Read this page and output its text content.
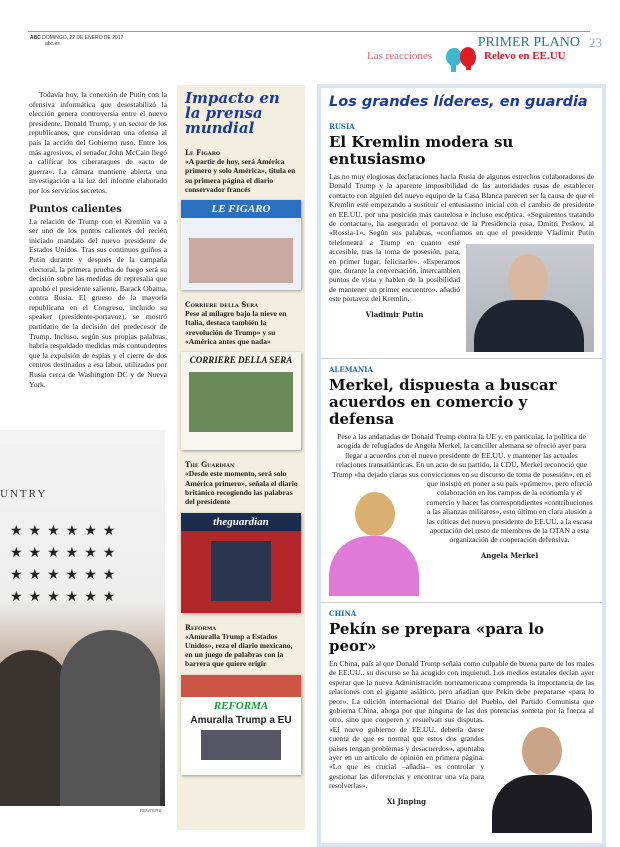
ABC DOMINGO, 22 DE ENERO DE 2017
abc.es	PRIMER PLANO 23
Las reacciones	Relevo en EE.UU

Todavía hoy, la conexión de Putin con la ofensiva informática que desestabilizó la elección genera controversia entre el nuevo presidente, Donald Trump, y un sector de los republicanos, que consideran una ofensa al país la acción del Gobierno ruso. Entre los más agresivos, el senador John McCain llegó a calificar los ciberataques de «acto de guerra». La cámara mantiene abierta una investigación a la luz del informe elaborado por los servicios secretos.

Puntos calientes

La relación de Trump con el Kremlin va a ser uno de los puntos calientes del recién iniciado mandato del nuevo presidente de Estados Unidos. Tras sus continuos guiños a Putin durante y después de la campaña electoral, la primera prueba de fuego será su decisión sobre las medidas de represalia que aprobó el presidente saliente, Barack Obama, contra Rusia. El grueso de la mayoría republicana en el Congreso, incluido su speaker (presidente-portavoz), se mostró partidario de la decisión del predecesor de Trump. Incluso, según sus propias palabras, habría respaldado medidas más contundentes que la expulsión de espías y el cierre de dos centros destinados a esa labor, utilizados por Rusia cerca de Washington DC y de Nueva York.

UNTRY
★★★★★★
★★★★★★
★★★★★★
★★★★★★
REUTERS
Impacto en la prensa mundial
Le Figaro
«A partir de hoy, será América primero y solo América», titula en su primera página el diario conservador francés
LE FIGARO
Corriere della Sera
Pese al milagro bajo la nieve en Italia, destaca también la «revolución de Trump» y su «América antes que nada»
CORRIERE DELLA SERA
The Guardian
«Desde este momento, será solo América primero», señala el diario británico recogiendo las palabras del presidente
theguardian
Reforma
«Amuralla Trump a Estados Unidos», reza el diario mexicano, en un juego de palabras con la barrera que quiere erigir
REFORMA
Amuralla Trump a EU
Los grandes líderes, en guardia
RUSIA
El Kremlin modera su entusiasmo
Las no muy elogiosas declaraciones hacia Rusia de algunos estrechos colaboradores de Donald Trump y la aparente imposibilidad de las autoridades rusas de establecer contacto con alguien del nuevo equipo de la Casa Blanca parecen ser la causa de que el Kremlin esté empezando a sustituir el entusiasmo inicial con el cambio de presidente en EE.UU. por una posición más cautelosa e incluso escéptica. «Seguiremos tratando de contactar», ha asegurado el portavoz de la Presidencia rusa, Dmitri Peskov, al «Rossia-1». Según sus palabras, «confiamos en que el presidente Vladimir Putin telefoneará a Trump en cuanto esté accesible, tras la toma de posesión, para, en primer lugar, felicitarle». «Esperamos que, durante la conversación, intercambien puntos de vista y hablen de la posibilidad de mantener un primer encuentro», añadió este portavoz del Kremlin.
Vladimir Putin
ALEMANIA
Merkel, dispuesta a buscar acuerdos en comercio y defensa
Pese a las andanadas de Donald Trump contra la UE y, en particular, la política de acogida de refugiados de Angela Merkel, la canciller alemana se ofreció ayer para llegar a acuerdos con el nuevo presidente de EE.UU. y mantener las actuales relaciones transatlánticas. En un acto de su partido, la CDU, Merkel reconoció que Trump «ha dejado claras sus convicciones en su discurso de toma de posesión», en el que insistió en poner a su país «primero», pero ofreció colaboración en los campos de la economía y el comercio y hacer las correspondientes «contribuciones a las alianzas militares», esto último en clara alusión a las críticas del nuevo presidente de EE.UU. a la escasa aportación del resto de miembros de la OTAN a esta organización de cooperación defensiva.
Angela Merkel
CHINA
Pekín se prepara «para lo peor»
En China, país al que Donald Trump señala como culpable de buena parte de los males de EE.UU., su discurso se ha acogido con inquietud. Los medios estatales decían ayer esperar que la nueva Administración norteamericana comprenda la importancia de las relaciones con el gigante asiático, pero añadían que Pekín debe prepararse «para lo peor». La edición internacional del Diario del Pueblo, del Partido Comunista que gobierna China, aboga por que ninguna de las dos potencias someta por la fuerza al otro, sino que cooperen y resuelvan sus disputas. «El nuevo gobierno de EE.UU. debería darse cuenta de que es normal que estos dos grandes países tengan problemas y desacuerdos», apuntaba ayer en un artículo de opinión en primera página. «Lo que es crucial –añadía– es controlar y gestionar las diferencias y encontrar una vía para resolverlas».
Xi Jinping
